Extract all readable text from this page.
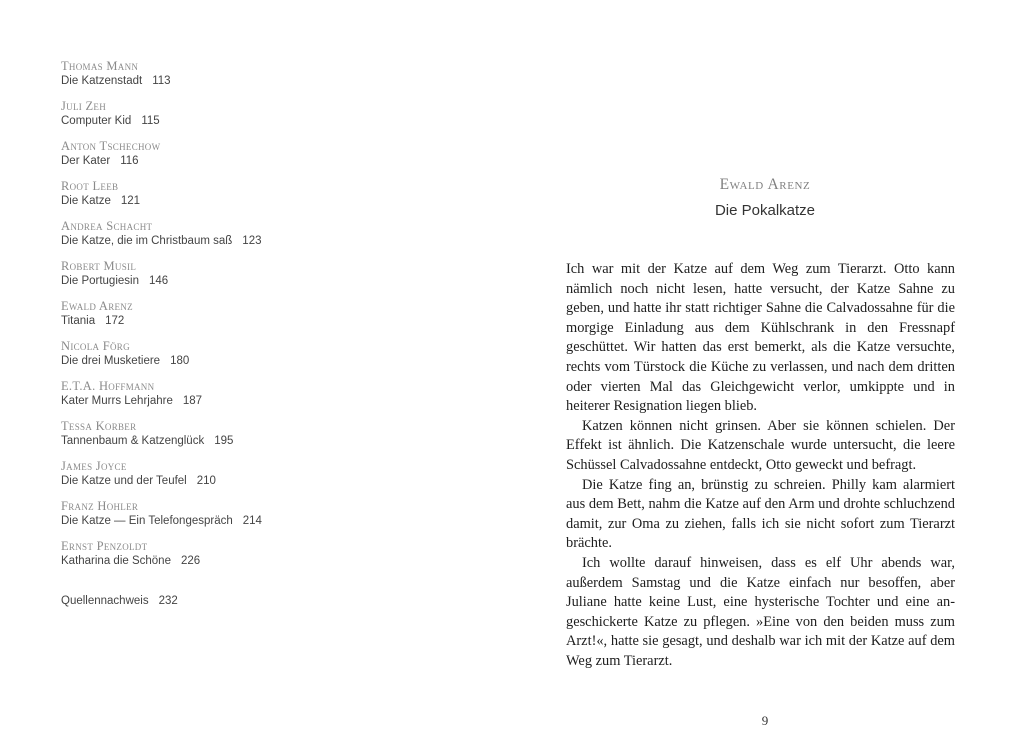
Thomas Mann
Die Katzenstadt 113
Juli Zeh
Computer Kid 115
Anton Tschechow
Der Kater 116
Root Leeb
Die Katze 121
Andrea Schacht
Die Katze, die im Christbaum saß 123
Robert Musil
Die Portugiesin 146
Ewald Arenz
Titania 172
Nicola Förg
Die drei Musketiere 180
E.T.A. Hoffmann
Kater Murrs Lehrjahre 187
Tessa Korber
Tannenbaum & Katzenglück 195
James Joyce
Die Katze und der Teufel 210
Franz Hohler
Die Katze — Ein Telefongespräch 214
Ernst Penzoldt
Katharina die Schöne 226
Quellennachweis 232
Ewald Arenz
Die Pokalkatze

Ich war mit der Katze auf dem Weg zum Tierarzt. Otto kann nämlich noch nicht lesen, hatte versucht, der Katze Sahne zu geben, und hatte ihr statt richtiger Sahne die Calvadossahne für die morgige Einladung aus dem Kühlschrank in den Fressnapf geschüttet. Wir hatten das erst bemerkt, als die Katze versuchte, rechts vom Türstock die Küche zu verlassen, und nach dem dritten oder vierten Mal das Gleichgewicht verlor, umkippte und in heiterer Resignation liegen blieb.

Katzen können nicht grinsen. Aber sie können schielen. Der Effekt ist ähnlich. Die Katzenschale wurde untersucht, die leere Schüssel Calvadossahne entdeckt, Otto geweckt und befragt.

Die Katze fing an, brünstig zu schreien. Philly kam alarmiert aus dem Bett, nahm die Katze auf den Arm und drohte schluchzend damit, zur Oma zu ziehen, falls ich sie nicht sofort zum Tierarzt brächte.

Ich wollte darauf hinweisen, dass es elf Uhr abends war, außerdem Samstag und die Katze einfach nur besoffen, aber Juliane hatte keine Lust, eine hysterische Tochter und eine angeschickerte Katze zu pflegen. »Eine von den beiden muss zum Arzt!«, hatte sie gesagt, und deshalb war ich mit der Katze auf dem Weg zum Tierarzt.

9
